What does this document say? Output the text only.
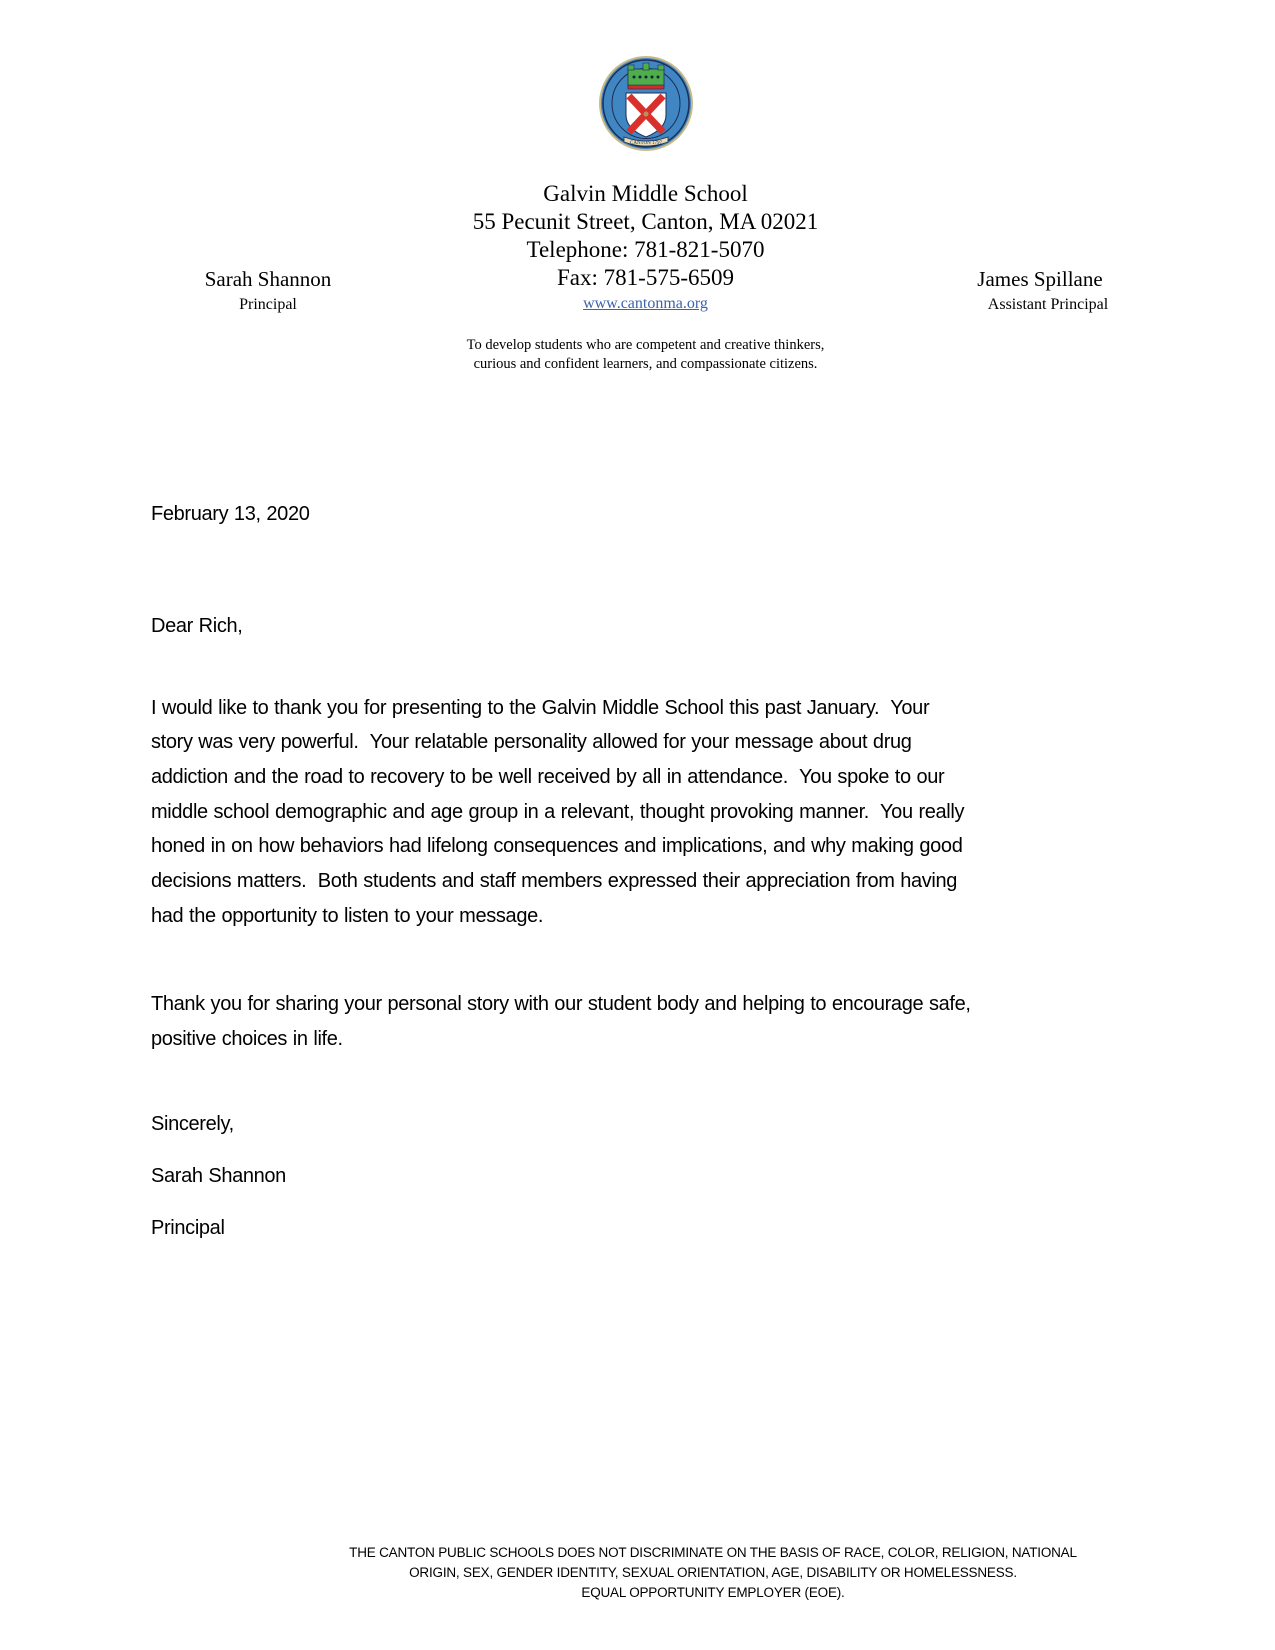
CANTON 1797
Galvin Middle School
55 Pecunit Street, Canton, MA 02021
Telephone: 781-821-5070
Fax: 781-575-6509
www.cantonma.org
Sarah Shannon
Principal
James Spillane
Assistant Principal
To develop students who are competent and creative thinkers,
curious and confident learners, and compassionate citizens.
February 13, 2020
Dear Rich,
I would like to thank you for presenting to the Galvin Middle School this past January.  Your
story was very powerful.  Your relatable personality allowed for your message about drug
addiction and the road to recovery to be well received by all in attendance.  You spoke to our
middle school demographic and age group in a relevant, thought provoking manner.  You really
honed in on how behaviors had lifelong consequences and implications, and why making good
decisions matters.  Both students and staff members expressed their appreciation from having
had the opportunity to listen to your message.
Thank you for sharing your personal story with our student body and helping to encourage safe,
positive choices in life.
Sincerely,
Sarah Shannon
Principal
THE CANTON PUBLIC SCHOOLS DOES NOT DISCRIMINATE ON THE BASIS OF RACE, COLOR, RELIGION, NATIONAL
ORIGIN, SEX, GENDER IDENTITY, SEXUAL ORIENTATION, AGE, DISABILITY OR HOMELESSNESS.
EQUAL OPPORTUNITY EMPLOYER (EOE).
